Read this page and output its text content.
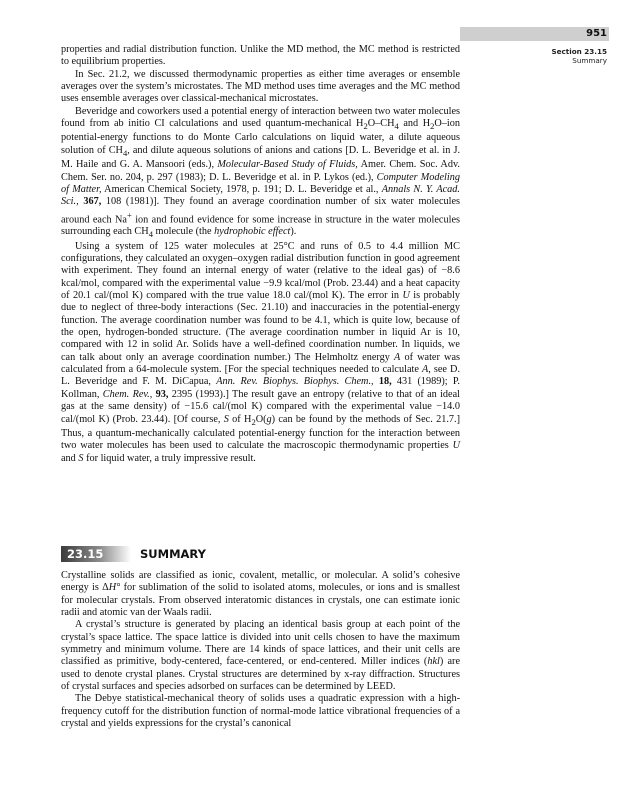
951
Section 23.15
Summary

properties and radial distribution function. Unlike the MD method, the MC method is restricted to equilibrium properties.

In Sec. 21.2, we discussed thermodynamic properties as either time averages or ensemble averages over the system’s microstates. The MD method uses time averages and the MC method uses ensemble averages over classical-mechanical microstates.

Beveridge and coworkers used a potential energy of interaction between two water molecules found from ab initio CI calculations and used quantum-mechanical $H_2O-CH_4$ and $H_2O$–ion potential-energy functions to do Monte Carlo calculations on liquid water, a dilute aqueous solution of $CH_4$, and dilute aqueous solutions of anions and cations [D. L. Beveridge et al. in J. M. Haile and G. A. Mansoori (eds.), Molecular-Based Study of Fluids, Amer. Chem. Soc. Adv. Chem. Ser. no. 204, p. 297 (1983); D. L. Beveridge et al. in P. Lykos (ed.), Computer Modeling of Matter, American Chemical Society, 1978, p. 191; D. L. Beveridge et al., Annals N. Y. Acad. Sci., 367, 108 (1981)]. They found an average coordination number of six water molecules around each Na+ ion and found evidence for some increase in structure in the water molecules surrounding each $CH_4$ molecule (the hydrophobic effect).

Using a system of 125 water molecules at 25°C and runs of 0.5 to 4.4 million MC configurations, they calculated an oxygen–oxygen radial distribution function in good agreement with experiment. They found an internal energy of water (relative to the ideal gas) of −8.6 kcal/mol, compared with the experimental value −9.9 kcal/mol (Prob. 23.44) and a heat capacity of 20.1 cal/(mol K) compared with the true value 18.0 cal/(mol K). The error in U is probably due to neglect of three-body interactions (Sec. 21.10) and inaccuracies in the potential-energy function. The average coordination number was found to be 4.1, which is quite low, because of the open, hydrogen-bonded structure. (The average coordination number in liquid Ar is 10, compared with 12 in solid Ar. Solids have a well-defined coordination number. In liquids, we can talk about only an average coordination number.) The Helmholtz energy A of water was calculated from a 64-molecule system. [For the special techniques needed to calculate A, see D. L. Beveridge and F. M. DiCapua, Ann. Rev. Biophys. Biophys. Chem., 18, 431 (1989); P. Kollman, Chem. Rev., 93, 2395 (1993).] The result gave an entropy (relative to that of an ideal gas at the same density) of −15.6 cal/(mol K) compared with the experimental value −14.0 cal/(mol K) (Prob. 23.44). [Of course, S of $H_2O(g)$ can be found by the methods of Sec. 21.7.] Thus, a quantum-mechanically calculated potential-energy function for the interaction between two water molecules has been used to calculate the macroscopic thermodynamic properties U and S for liquid water, a truly impressive result.

23.15	SUMMARY

Crystalline solids are classified as ionic, covalent, metallic, or molecular. A solid’s cohesive energy is ΔH° for sublimation of the solid to isolated atoms, molecules, or ions and is smallest for molecular crystals. From observed interatomic distances in crystals, one can estimate ionic radii and atomic van der Waals radii.

A crystal’s structure is generated by placing an identical basis group at each point of the crystal’s space lattice. The space lattice is divided into unit cells chosen to have the maximum symmetry and minimum volume. There are 14 kinds of space lattices, and their unit cells are classified as primitive, body-centered, face-centered, or end-centered. Miller indices (hkl) are used to denote crystal planes. Crystal structures are determined by x-ray diffraction. Structures of crystal surfaces and species adsorbed on surfaces can be determined by LEED.

The Debye statistical-mechanical theory of solids uses a quadratic expression with a high-frequency cutoff for the distribution function of normal-mode lattice vibrational frequencies of a crystal and yields expressions for the crystal’s canonical
